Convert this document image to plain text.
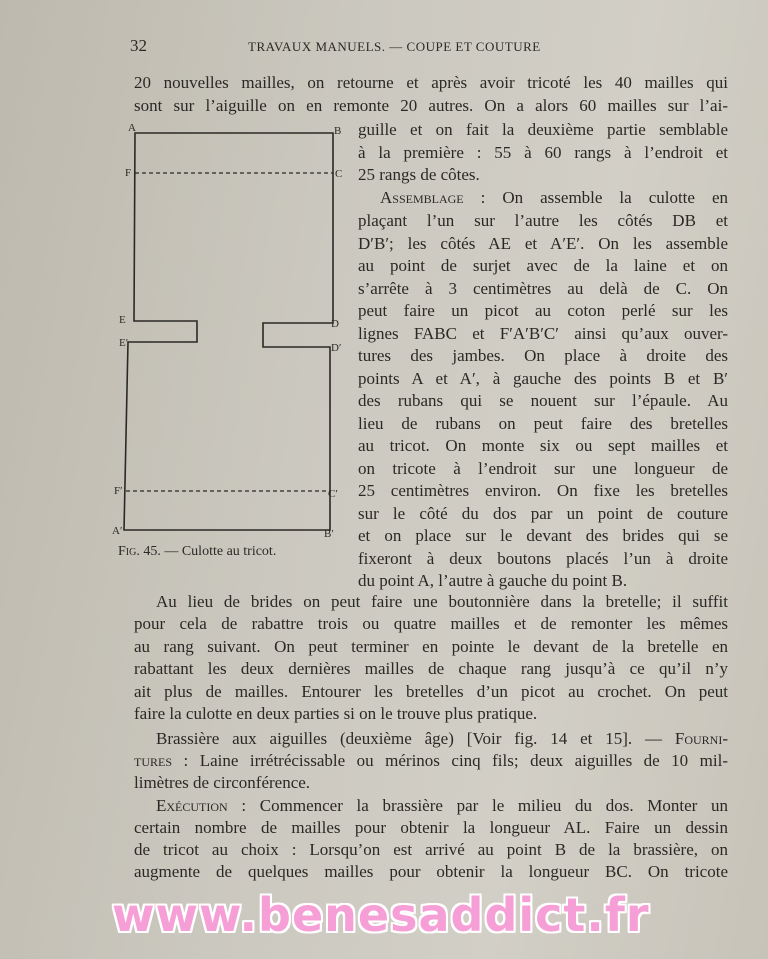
32	TRAVAUX MANUELS. — COUPE ET COUTURE
20 nouvelles mailles, on retourne et après avoir tricoté les 40 mailles qui
sont sur l’aiguille on en remonte 20 autres. On a alors 60 mailles sur l’ai-
guille et on fait la deuxième partie semblable
à la première : 55 à 60 rangs à l’endroit et
25 rangs de côtes.
Assemblage : On assemble la culotte en
A	B
F	C
E
E′
D
D′
F′	C′
A′	B′
Fig. 45. — Culotte au tricot.
Brassière aux aiguilles (deuxième âge) [Voir fig. 14 et 15]. — Fourni-
tures : Laine irrétrécissable ou mérinos cinq fils; deux aiguilles de 10 mil-
limètres de circonférence.
Exécution : Commencer la brassière par le milieu du dos. Monter un
www.benesaddict.fr
plaçant l’un sur l’autre les côtés DB et
D′B′; les côtés AE et A′E′. On les assemble
au point de surjet avec de la laine et on
s’arrête à 3 centimètres au delà de C. On
peut faire un picot au coton perlé sur les
lignes FABC et F′A′B′C′ ainsi qu’aux ouver-
tures des jambes. On place à droite des
points A et A′, à gauche des points B et B′
des rubans qui se nouent sur l’épaule. Au
lieu de rubans on peut faire des bretelles
au tricot. On monte six ou sept mailles et
on tricote à l’endroit sur une longueur de
25 centimètres environ. On fixe les bretelles
sur le côté du dos par un point de couture
et on place sur le devant des brides qui se
fixeront à deux boutons placés l’un à droite
du point A, l’autre à gauche du point B.
Au lieu de brides on peut faire une boutonnière dans la bretelle; il suffit
pour cela de rabattre trois ou quatre mailles et de remonter les mêmes
au rang suivant. On peut terminer en pointe le devant de la bretelle en
rabattant les deux dernières mailles de chaque rang jusqu’à ce qu’il n’y
ait plus de mailles. Entourer les bretelles d’un picot au crochet. On peut
faire la culotte en deux parties si on le trouve plus pratique.
certain nombre de mailles pour obtenir la longueur AL. Faire un dessin
de tricot au choix : Lorsqu’on est arrivé au point B de la brassière, on
augmente de quelques mailles pour obtenir la longueur BC. On tricote
